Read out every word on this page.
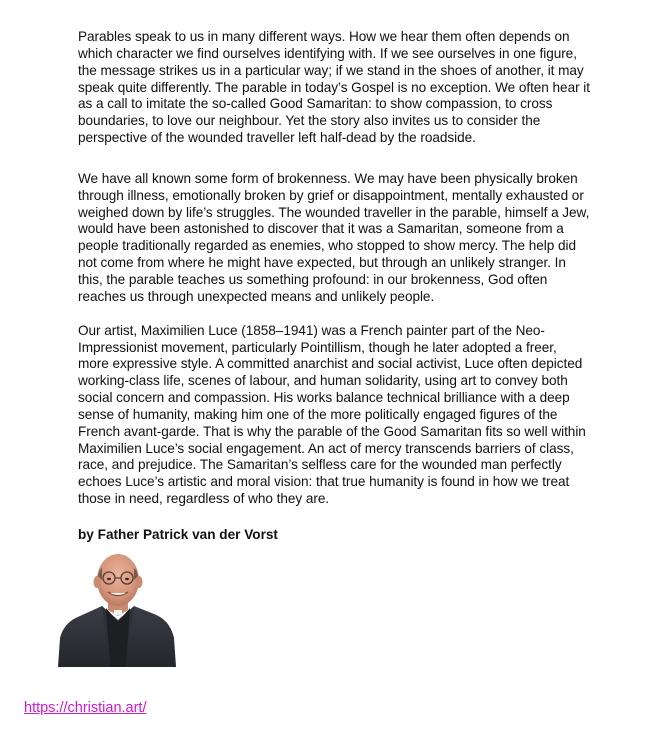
Parables speak to us in many different ways. How we hear them often depends on which character we find ourselves identifying with. If we see ourselves in one figure, the message strikes us in a particular way; if we stand in the shoes of another, it may speak quite differently. The parable in today’s Gospel is no exception. We often hear it as a call to imitate the so-called Good Samaritan: to show compassion, to cross boundaries, to love our neighbour. Yet the story also invites us to consider the perspective of the wounded traveller left half-dead by the roadside.

We have all known some form of brokenness. We may have been physically broken through illness, emotionally broken by grief or disappointment, mentally exhausted or weighed down by life’s struggles. The wounded traveller in the parable, himself a Jew, would have been astonished to discover that it was a Samaritan, someone from a people traditionally regarded as enemies, who stopped to show mercy. The help did not come from where he might have expected, but through an unlikely stranger. In this, the parable teaches us something profound: in our brokenness, God often reaches us through unexpected means and unlikely people.

Our artist, Maximilien Luce (1858–1941) was a French painter part of the Neo-Impressionist movement, particularly Pointillism, though he later adopted a freer, more expressive style. A committed anarchist and social activist, Luce often depicted working-class life, scenes of labour, and human solidarity, using art to convey both social concern and compassion. His works balance technical brilliance with a deep sense of humanity, making him one of the more politically engaged figures of the French avant-garde. That is why the parable of the Good Samaritan fits so well within Maximilien Luce’s social engagement. An act of mercy transcends barriers of class, race, and prejudice. The Samaritan’s selfless care for the wounded man perfectly echoes Luce’s artistic and moral vision: that true humanity is found in how we treat those in need, regardless of who they are.

by Father Patrick van der Vorst

https://christian.art/
